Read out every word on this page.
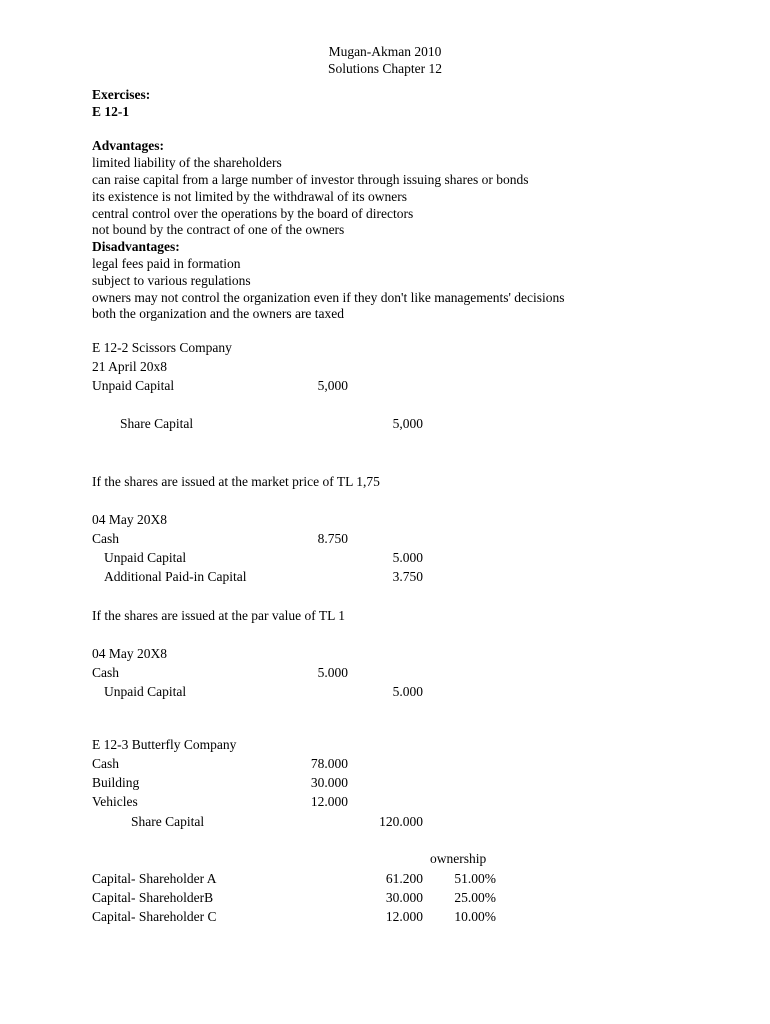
Mugan-Akman 2010
Solutions Chapter 12
Exercises:
E 12-1
Advantages:
limited liability of the shareholders
can raise capital from a large number of investor through issuing shares or bonds
its existence is not limited by the withdrawal of its owners
central control over the operations by the board of directors
not bound by the contract of one of the owners
Disadvantages:
legal fees paid in formation
subject to various regulations
owners may not control the organization even if they don't like managements' decisions
both the organization and the owners are taxed
E 12-2 Scissors Company
21 April 20x8
Unpaid Capital	5,000
Share Capital	5,000
If the shares are issued at the market price of TL 1,75
04 May 20X8
Cash	8.750
Unpaid Capital	5.000
Additional Paid-in Capital	3.750
If the shares are issued at the par value of TL 1
04 May 20X8
Cash	5.000
Unpaid Capital	5.000
E 12-3 Butterfly Company
Cash	78.000
Building	30.000
Vehicles	12.000
Share Capital	120.000
ownership
Capital- Shareholder A	61.200	51.00%
Capital- ShareholderB	30.000	25.00%
Capital- Shareholder C	12.000	10.00%
